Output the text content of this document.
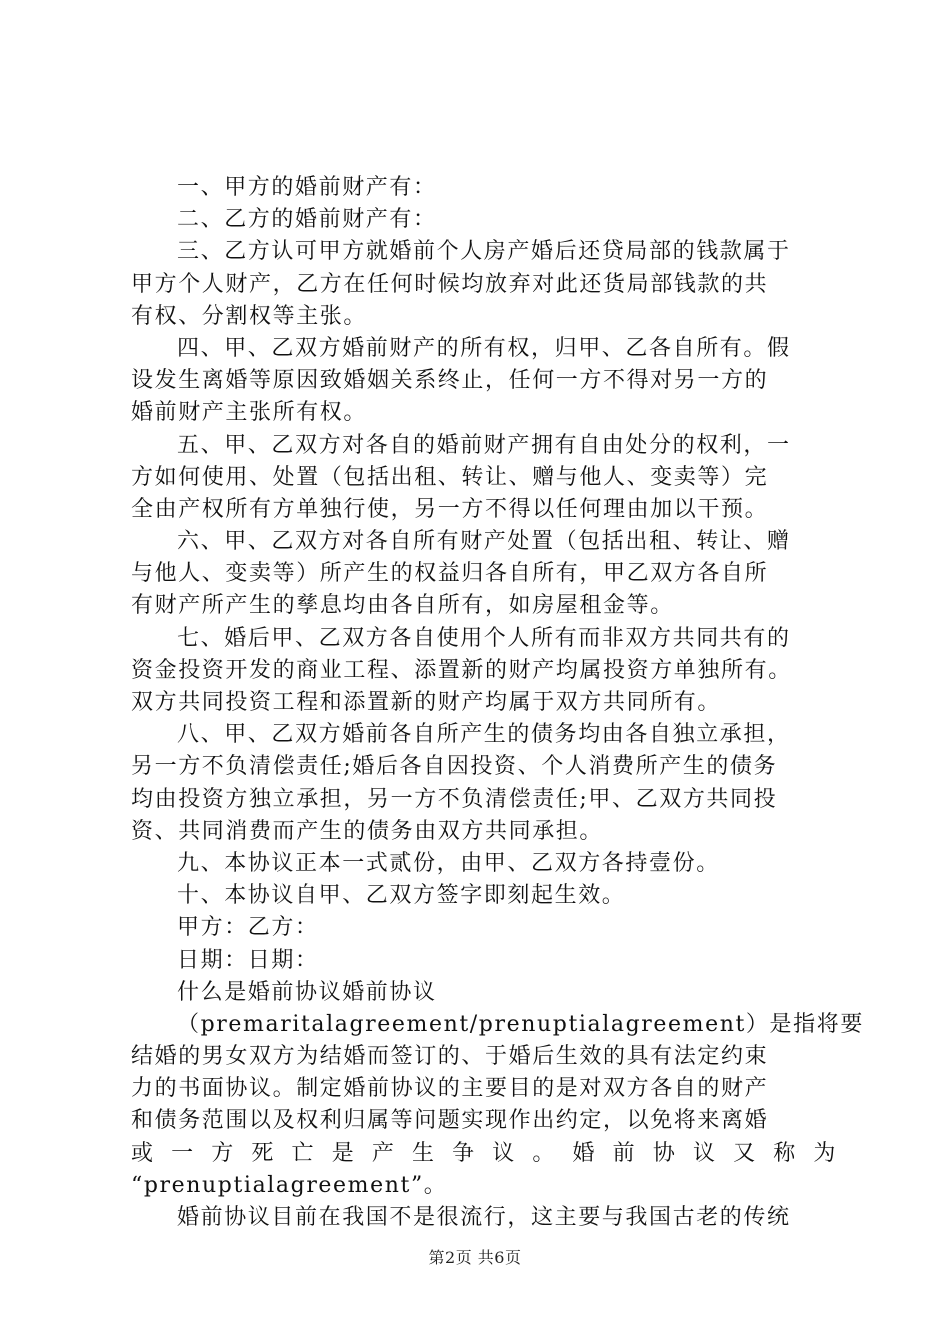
一、甲方的婚前财产有：
二、乙方的婚前财产有：
三、乙方认可甲方就婚前个人房产婚后还贷局部的钱款属于
甲方个人财产，乙方在任何时候均放弃对此还货局部钱款的共
有权、分割权等主张。
四、甲、乙双方婚前财产的所有权，归甲、乙各自所有。假
设发生离婚等原因致婚姻关系终止，任何一方不得对另一方的
婚前财产主张所有权。
五、甲、乙双方对各自的婚前财产拥有自由处分的权利，一
方如何使用、处置（包括出租、转让、赠与他人、变卖等）完
全由产权所有方单独行使，另一方不得以任何理由加以干预。
六、甲、乙双方对各自所有财产处置（包括出租、转让、赠
与他人、变卖等）所产生的权益归各自所有，甲乙双方各自所
有财产所产生的孳息均由各自所有，如房屋租金等。
七、婚后甲、乙双方各自使用个人所有而非双方共同共有的
资金投资开发的商业工程、添置新的财产均属投资方单独所有。
双方共同投资工程和添置新的财产均属于双方共同所有。
八、甲、乙双方婚前各自所产生的债务均由各自独立承担，
另一方不负清偿责任;婚后各自因投资、个人消费所产生的债务
均由投资方独立承担，另一方不负清偿责任;甲、乙双方共同投
资、共同消费而产生的债务由双方共同承担。
九、本协议正本一式贰份，由甲、乙双方各持壹份。
十、本协议自甲、乙双方签字即刻起生效。
甲方：乙方：
日期：日期：
什么是婚前协议婚前协议
（premaritalagreement/prenuptialagreement）是指将要
结婚的男女双方为结婚而签订的、于婚后生效的具有法定约束
力的书面协议。制定婚前协议的主要目的是对双方各自的财产
和债务范围以及权利归属等问题实现作出约定，以免将来离婚
或一方死亡是产生争议。婚前协议又称为
“prenuptialagreement”。
婚前协议目前在我国不是很流行，这主要与我国古老的传统
第2页 共6页
